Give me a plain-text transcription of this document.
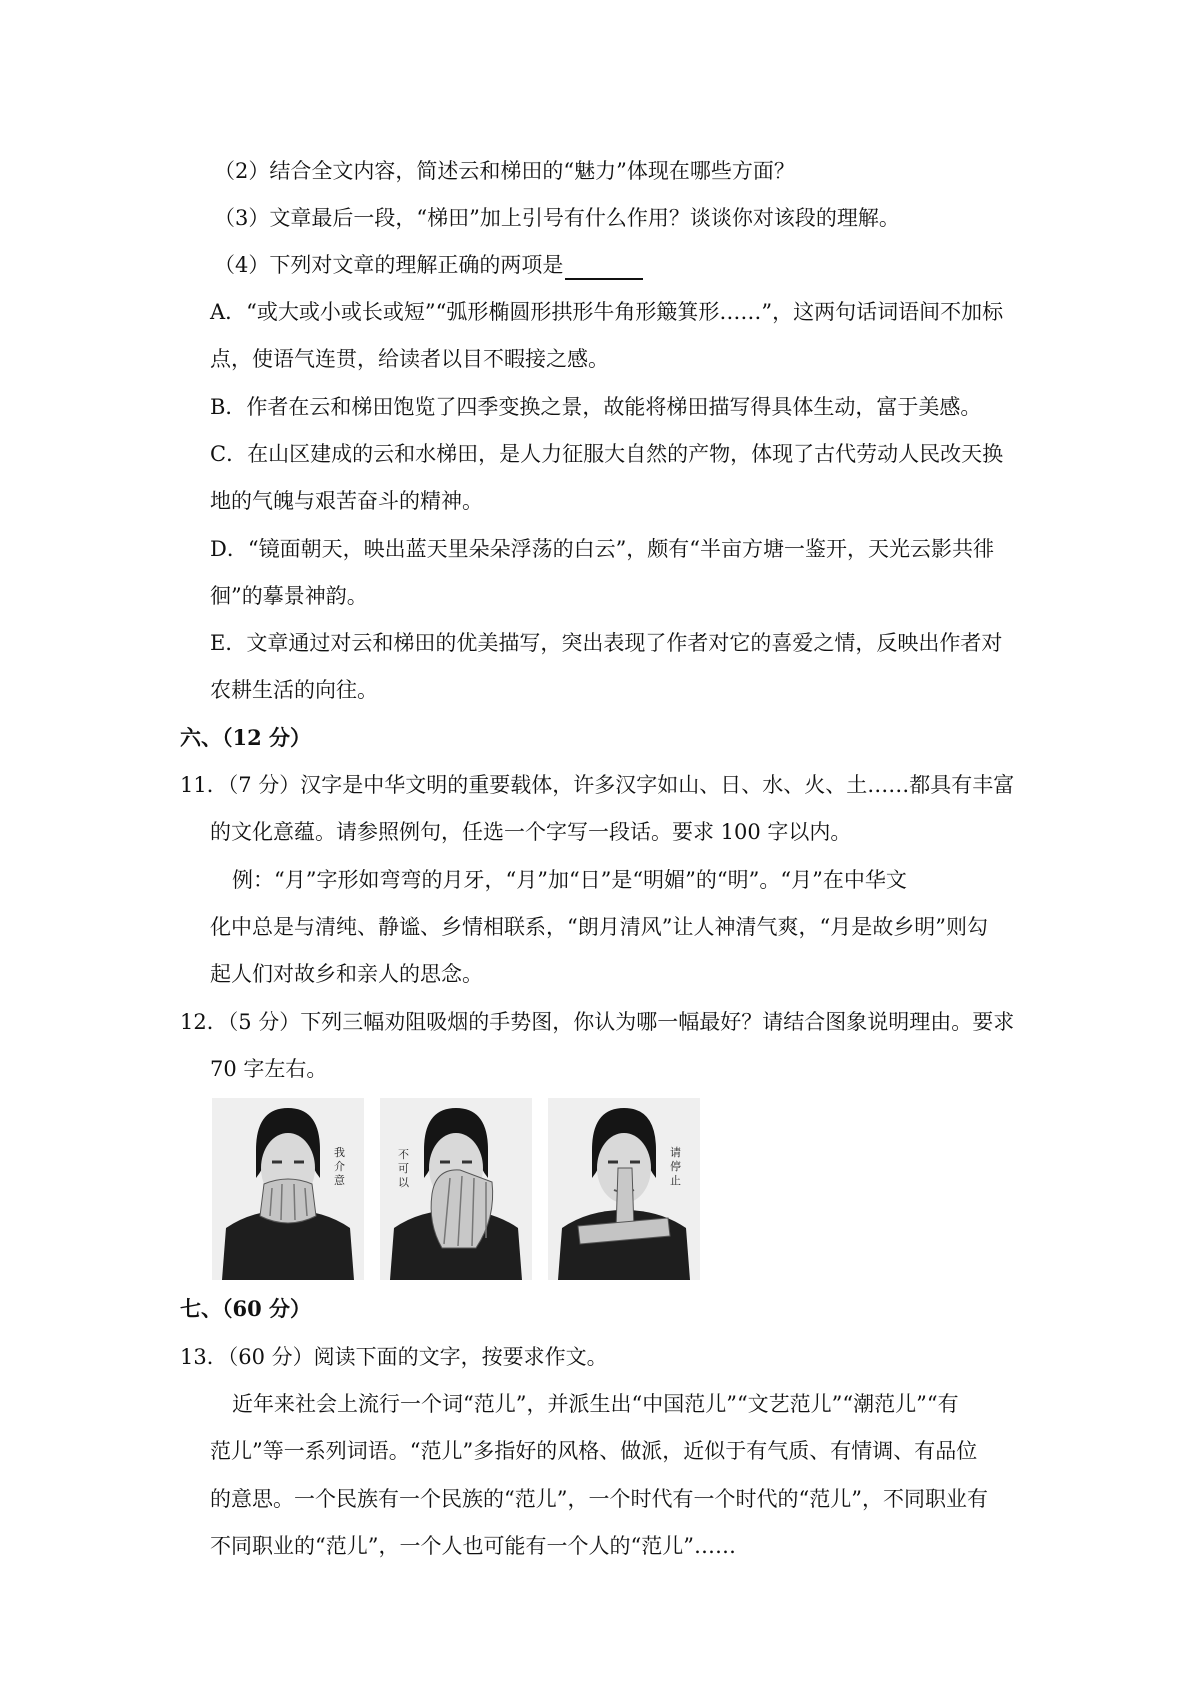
（2）结合全文内容，简述云和梯田的“魅力”体现在哪些方面？
（3）文章最后一段，“梯田”加上引号有什么作用？谈谈你对该段的理解。
（4）下列对文章的理解正确的两项是
A．“或大或小或长或短”“弧形椭圆形拱形牛角形簸箕形……”，这两句话词语间不加标
点，使语气连贯，给读者以目不暇接之感。
B．作者在云和梯田饱览了四季变换之景，故能将梯田描写得具体生动，富于美感。
C．在山区建成的云和水梯田，是人力征服大自然的产物，体现了古代劳动人民改天换
地的气魄与艰苦奋斗的精神。
D．“镜面朝天，映出蓝天里朵朵浮荡的白云”，颇有“半亩方塘一鉴开，天光云影共徘
徊”的摹景神韵。
E．文章通过对云和梯田的优美描写，突出表现了作者对它的喜爱之情，反映出作者对
农耕生活的向往。
六、（12 分）
11．（7 分）汉字是中华文明的重要载体，许多汉字如山、日、水、火、土……都具有丰富
的文化意蕴。请参照例句，任选一个字写一段话。要求 100 字以内。
例：“月”字形如弯弯的月牙，“月”加“日”是“明媚”的“明”。“月”在中华文
化中总是与清纯、静谧、乡情相联系，“朗月清风”让人神清气爽，“月是故乡明”则勾
起人们对故乡和亲人的思念。
12．（5 分）下列三幅劝阻吸烟的手势图，你认为哪一幅最好？请结合图象说明理由。要求
70 字左右。
我
介
意
不
可
以
请
停
止
七、（60 分）
13．（60 分）阅读下面的文字，按要求作文。
近年来社会上流行一个词“范儿”，并派生出“中国范儿”“文艺范儿”“潮范儿”“有
范儿”等一系列词语。“范儿”多指好的风格、做派，近似于有气质、有情调、有品位
的意思。一个民族有一个民族的“范儿”，一个时代有一个时代的“范儿”，不同职业有
不同职业的“范儿”，一个人也可能有一个人的“范儿”……
